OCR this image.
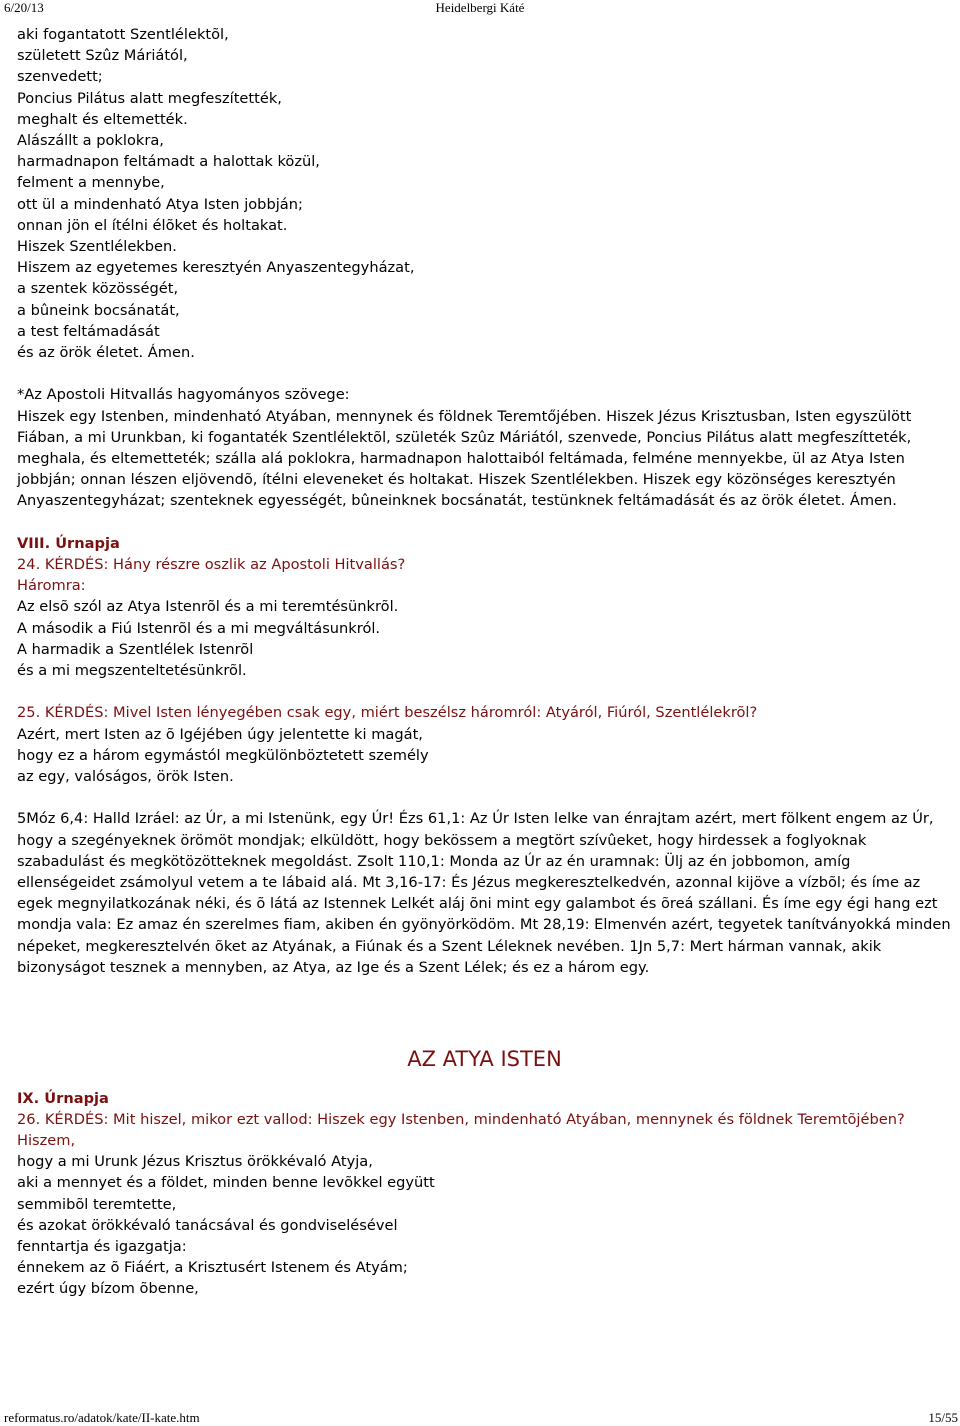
6/20/13	Heidelbergi Káté
aki fogantatott Szentlélektõl,
született Szûz Máriától,
szenvedett;
Poncius Pilátus alatt megfeszítették,
meghalt és eltemették.
Alászállt a poklokra,
harmadnapon feltámadt a halottak közül,
felment a mennybe,
ott ül a mindenható Atya Isten jobbján;
onnan jön el ítélni élõket és holtakat.
Hiszek Szentlélekben.
Hiszem az egyetemes keresztyén Anyaszentegyházat,
a szentek közösségét,
a bûneink bocsánatát,
a test feltámadását
és az örök életet. Ámen.
*Az Apostoli Hitvallás hagyományos szövege:
Hiszek egy Istenben, mindenható Atyában, mennynek és földnek Teremtőjében. Hiszek Jézus Krisztusban, Isten egyszülött Fiában, a mi Urunkban, ki fogantaték Szentlélektõl, születék Szûz Máriától, szenvede, Poncius Pilátus alatt megfeszítteték, meghala, és eltemetteték; szálla alá poklokra, harmadnapon halottaiból feltámada, felméne mennyekbe, ül az Atya Isten jobbján; onnan lészen eljövendõ, ítélni eleveneket és holtakat. Hiszek Szentlélekben. Hiszek egy közönséges keresztyén Anyaszentegyházat; szenteknek egyességét, bûneinknek bocsánatát, testünknek feltámadását és az örök életet. Ámen.
VIII. Úrnapja
24. KÉRDÉS: Hány részre oszlik az Apostoli Hitvallás?
Háromra:
Az elsõ szól az Atya Istenrõl és a mi teremtésünkrõl.
A második a Fiú Istenrõl és a mi megváltásunkról.
A harmadik a Szentlélek Istenrõl
és a mi megszenteltetésünkrõl.
25. KÉRDÉS: Mivel Isten lényegében csak egy, miért beszélsz háromról: Atyáról, Fiúról, Szentlélekrõl?
Azért, mert Isten az õ Igéjében úgy jelentette ki magát,
hogy ez a három egymástól megkülönböztetett személy
az egy, valóságos, örök Isten.
5Móz 6,4: Halld Izráel: az Úr, a mi Istenünk, egy Úr! Ézs 61,1: Az Úr Isten lelke van énrajtam azért, mert fölkent engem az Úr, hogy a szegényeknek örömöt mondjak; elküldött, hogy bekössem a megtört szívûeket, hogy hirdessek a foglyoknak szabadulást és megkötözötteknek megoldást. Zsolt 110,1: Monda az Úr az én uramnak: Ülj az én jobbomon, amíg ellenségeidet zsámolyul vetem a te lábaid alá. Mt 3,16-17: És Jézus megkeresztelkedvén, azonnal kijöve a vízbõl; és íme az egek megnyilatkozának néki, és õ látá az Istennek Lelkét aláj õni mint egy galambot és õreá szállani. És íme egy égi hang ezt mondja vala: Ez amaz én szerelmes fiam, akiben én gyönyörködöm. Mt 28,19: Elmenvén azért, tegyetek tanítványokká minden népeket, megkeresztelvén õket az Atyának, a Fiúnak és a Szent Léleknek nevében. 1Jn 5,7: Mert hárman vannak, akik bizonyságot tesznek a mennyben, az Atya, az Ige és a Szent Lélek; és ez a három egy.
AZ ATYA ISTEN
IX. Úrnapja
26. KÉRDÉS: Mit hiszel, mikor ezt vallod: Hiszek egy Istenben, mindenható Atyában, mennynek és földnek Teremtõjében?
Hiszem,
hogy a mi Urunk Jézus Krisztus örökkévaló Atyja,
aki a mennyet és a földet, minden benne levõkkel együtt
semmibõl teremtette,
és azokat örökkévaló tanácsával és gondviselésével
fenntartja és igazgatja:
énnekem az õ Fiáért, a Krisztusért Istenem és Atyám;
ezért úgy bízom õbenne,
reformatus.ro/adatok/kate/II-kate.htm	15/55
